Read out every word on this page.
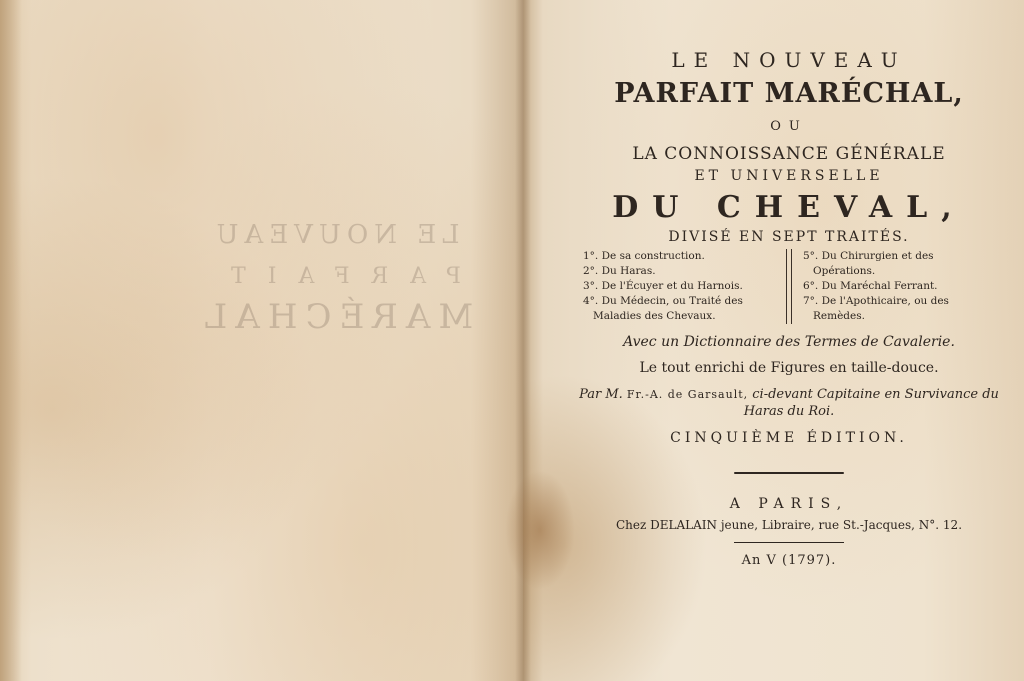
LE NOUVEAU
PARFAIT
MARÉCHAL
LE NOUVEAU
PARFAIT MARÉCHAL,
OU
LA CONNOISSANCE GÉNÉRALE
ET UNIVERSELLE
DU CHEVAL,
DIVISÉ EN SEPT TRAITÉS.
1°. De sa construction.
2°. Du Haras.
3°. De l'Écuyer et du Harnois.
4°. Du Médecin, ou Traité des Maladies des Chevaux.
5°. Du Chirurgien et des Opérations.
6°. Du Maréchal Ferrant.
7°. De l'Apothicaire, ou des Remèdes.
Avec un Dictionnaire des Termes de Cavalerie.
Le tout enrichi de Figures en taille-douce.
Par M. Fr.-A. de Garsault, ci-devant Capitaine en Survivance du Haras du Roi.
CINQUIÈME ÉDITION.
A PARIS,
Chez DELALAIN jeune, Libraire, rue St.-Jacques, N°. 12.
An V (1797).
